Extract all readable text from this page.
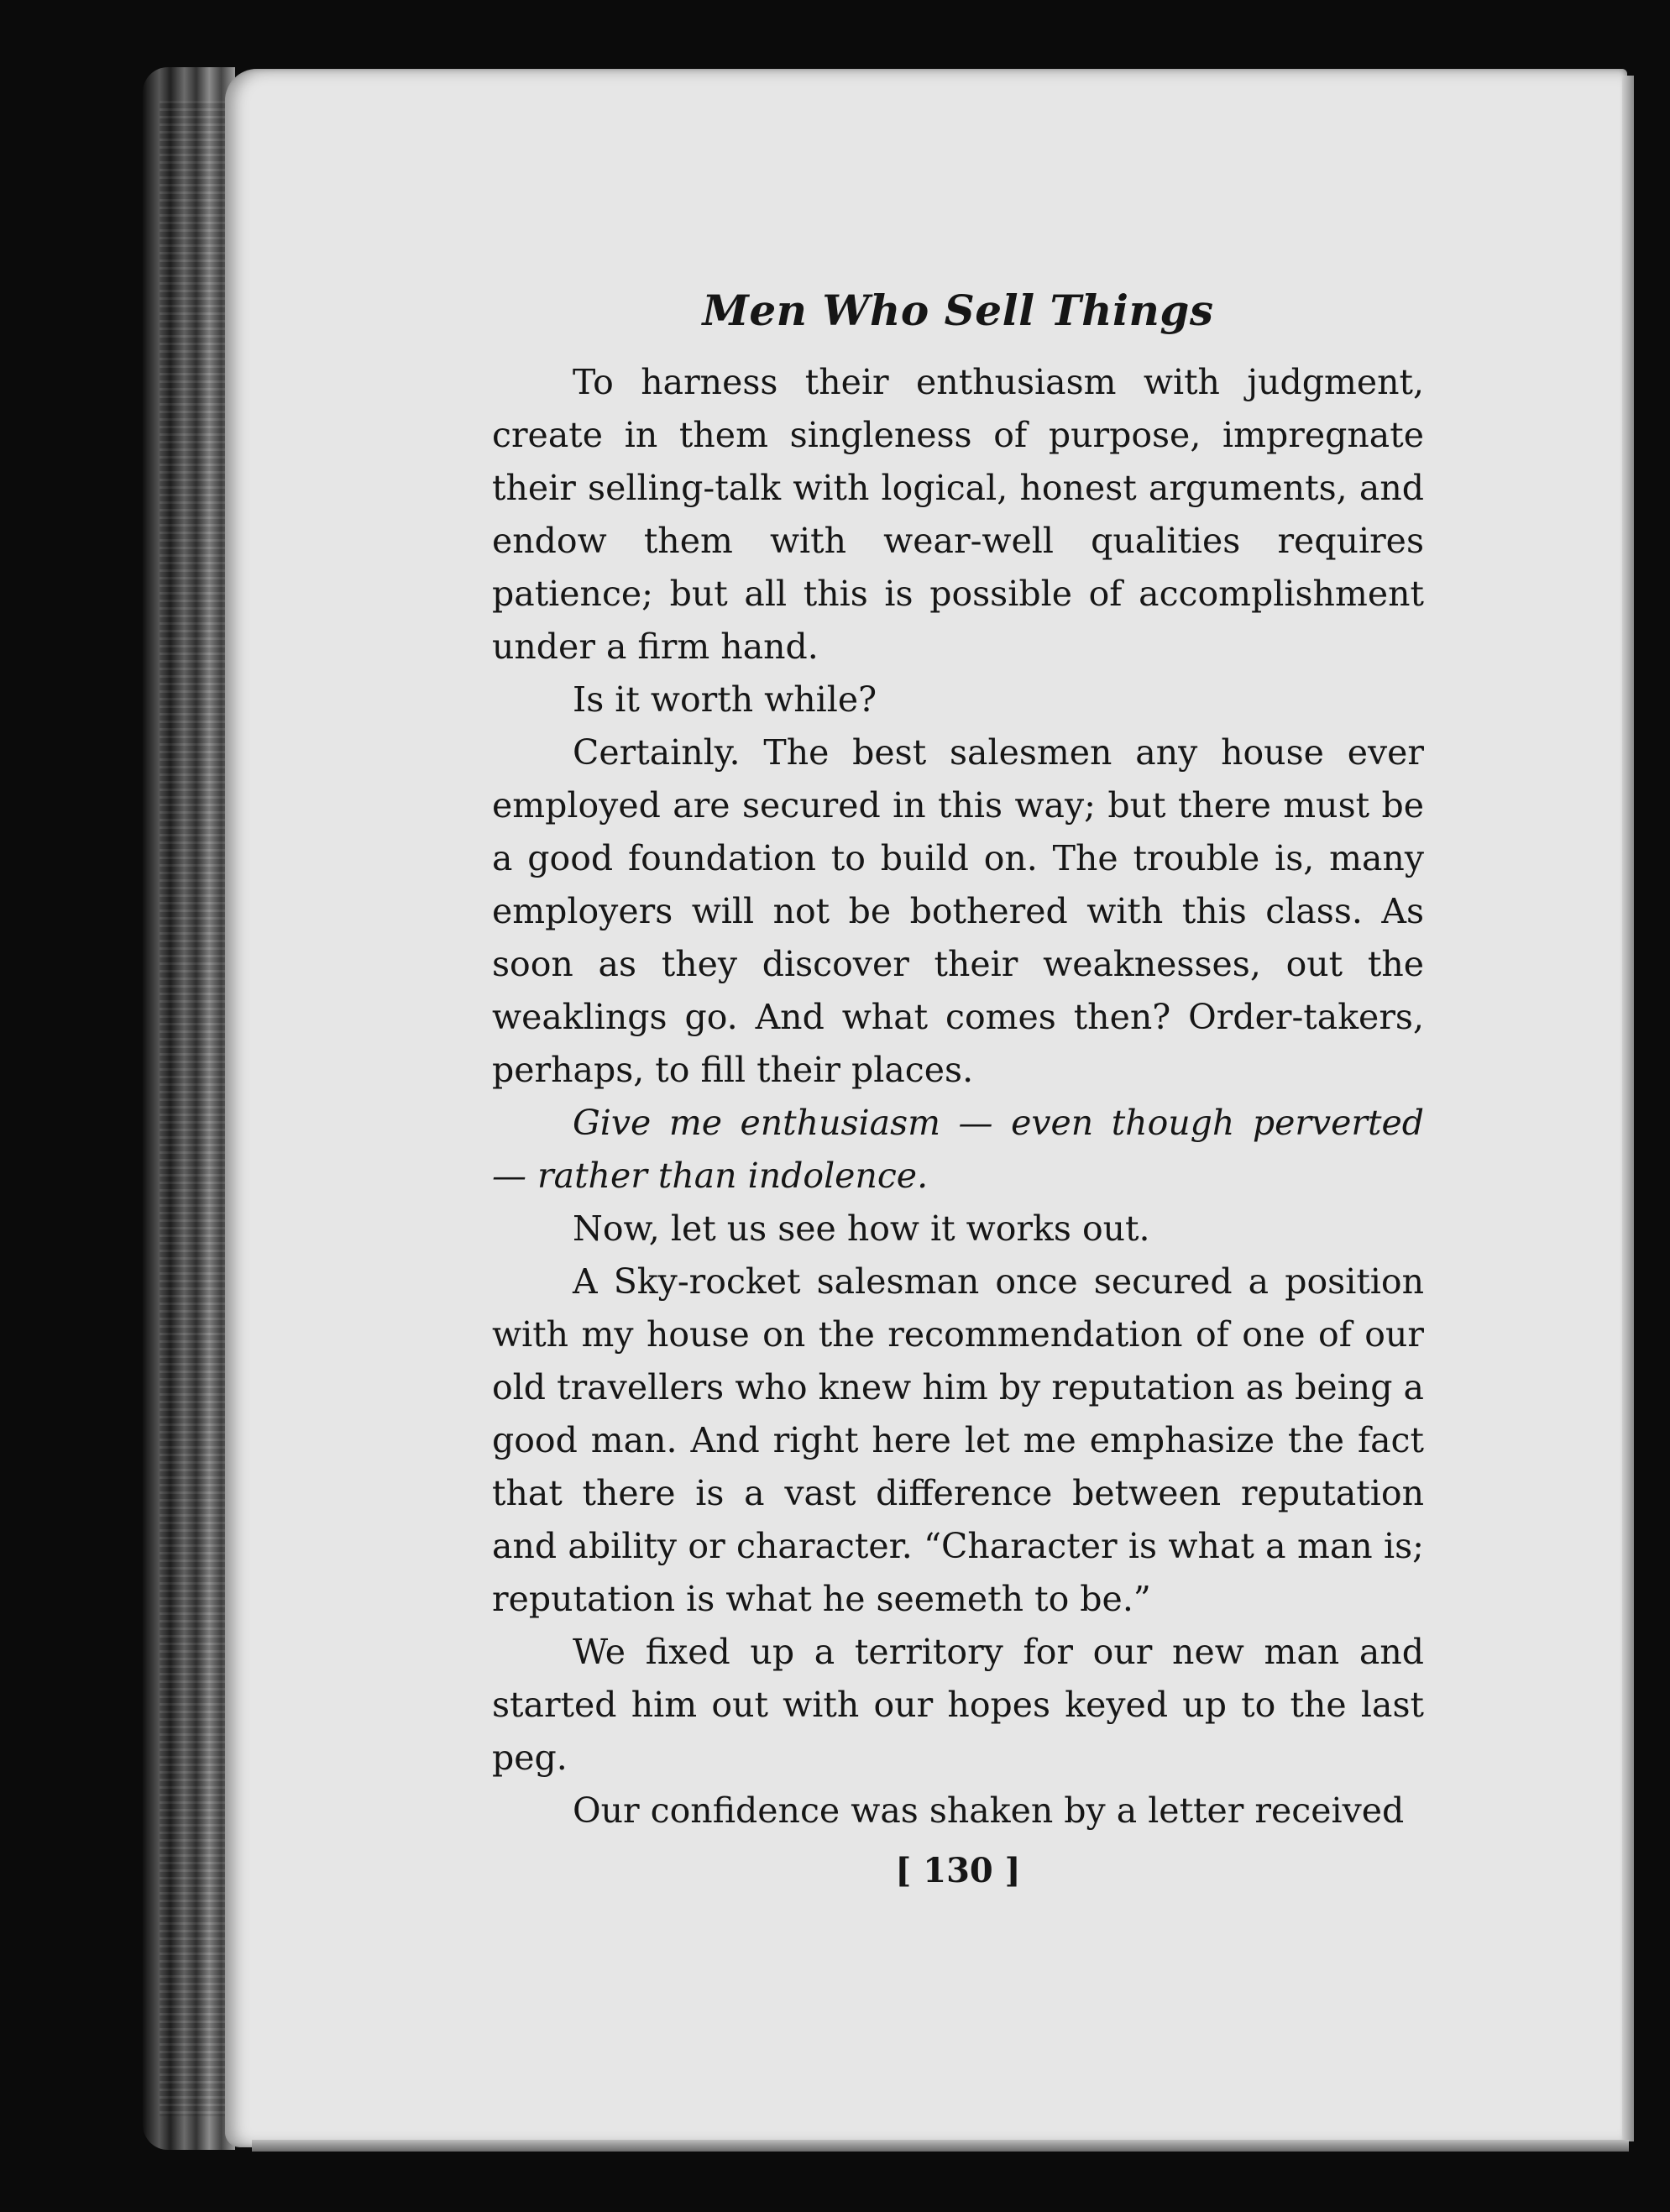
Men Who Sell Things

To harness their enthusiasm with judgment, create in them singleness of purpose, impregnate their selling-talk with logical, honest arguments, and endow them with wear-well qualities requires patience; but all this is possible of accomplishment under a firm hand.

Is it worth while?

Certainly. The best salesmen any house ever employed are secured in this way; but there must be a good foundation to build on. The trouble is, many employers will not be bothered with this class. As soon as they discover their weaknesses, out the weaklings go. And what comes then? Order-takers, perhaps, to fill their places.

Give me enthusiasm — even though perverted — rather than indolence.

Now, let us see how it works out.

A Sky-rocket salesman once secured a position with my house on the recommendation of one of our old travellers who knew him by reputation as being a good man. And right here let me emphasize the fact that there is a vast difference between reputation and ability or character. “Character is what a man is; reputation is what he seemeth to be.”

We fixed up a territory for our new man and started him out with our hopes keyed up to the last peg.

Our confidence was shaken by a letter received

[ 130 ]
